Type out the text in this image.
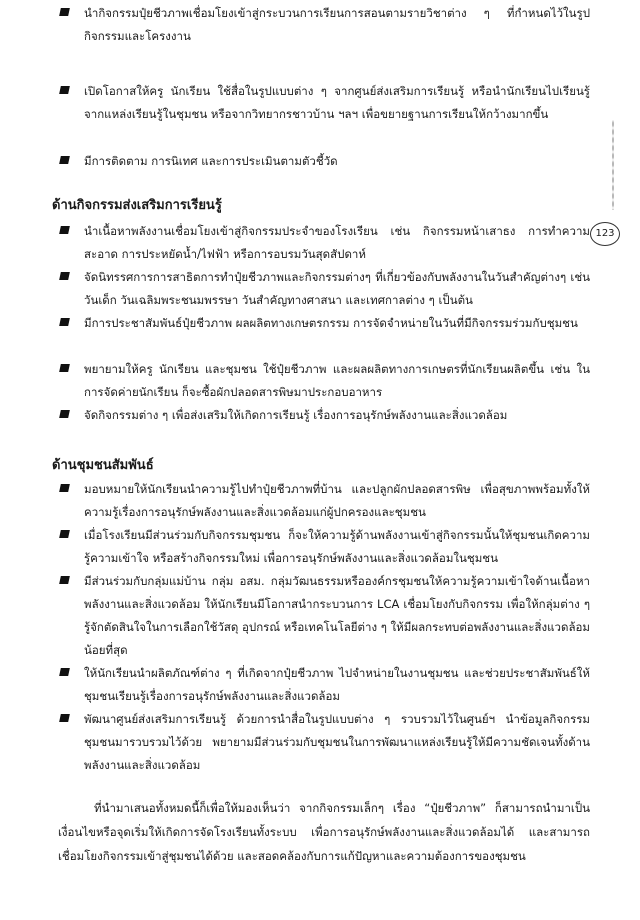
นำกิจกรรมปุ๋ยชีวภาพเชื่อมโยงเข้าสู่กระบวนการเรียนการสอนตามรายวิชาต่าง ๆ ที่กำหนดไว้ในรูปกิจกรรมและโครงงาน
เปิดโอกาสให้ครู นักเรียน ใช้สื่อในรูปแบบต่าง ๆ จากศูนย์ส่งเสริมการเรียนรู้ หรือนำนักเรียนไปเรียนรู้จากแหล่งเรียนรู้ในชุมชน หรือจากวิทยากรชาวบ้าน ฯลฯ เพื่อขยายฐานการเรียนให้กว้างมากขึ้น
มีการติดตาม การนิเทศ และการประเมินตามตัวชี้วัด
ด้านกิจกรรมส่งเสริมการเรียนรู้
123
นำเนื้อหาพลังงานเชื่อมโยงเข้าสู่กิจกรรมประจำของโรงเรียน เช่น กิจกรรมหน้าเสาธง การทำความสะอาด การประหยัดน้ำ/ไฟฟ้า หรือการอบรมวันสุดสัปดาห์
จัดนิทรรศการการสาธิตการทำปุ๋ยชีวภาพและกิจกรรมต่างๆ ที่เกี่ยวข้องกับพลังงานในวันสำคัญต่างๆ เช่น วันเด็ก วันเฉลิมพระชนมพรรษา วันสำคัญทางศาสนา และเทศกาลต่าง ๆ เป็นต้น
มีการประชาสัมพันธ์ปุ๋ยชีวภาพ ผลผลิตทางเกษตรกรรม การจัดจำหน่ายในวันที่มีกิจกรรมร่วมกับชุมชน
พยายามให้ครู นักเรียน และชุมชน ใช้ปุ๋ยชีวภาพ และผลผลิตทางการเกษตรที่นักเรียนผลิตขึ้น เช่น ในการจัดค่ายนักเรียน ก็จะซื้อผักปลอดสารพิษมาประกอบอาหาร
จัดกิจกรรมต่าง ๆ เพื่อส่งเสริมให้เกิดการเรียนรู้ เรื่องการอนุรักษ์พลังงานและสิ่งแวดล้อม
ด้านชุมชนสัมพันธ์
มอบหมายให้นักเรียนนำความรู้ไปทำปุ๋ยชีวภาพที่บ้าน และปลูกผักปลอดสารพิษ เพื่อสุขภาพพร้อมทั้งให้ความรู้เรื่องการอนุรักษ์พลังงานและสิ่งแวดล้อมแก่ผู้ปกครองและชุมชน
เมื่อโรงเรียนมีส่วนร่วมกับกิจกรรมชุมชน ก็จะให้ความรู้ด้านพลังงานเข้าสู่กิจกรรมนั้นให้ชุมชนเกิดความรู้ความเข้าใจ หรือสร้างกิจกรรมใหม่ เพื่อการอนุรักษ์พลังงานและสิ่งแวดล้อมในชุมชน
มีส่วนร่วมกับกลุ่มแม่บ้าน กลุ่ม อสม. กลุ่มวัฒนธรรมหรือองค์กรชุมชนให้ความรู้ความเข้าใจด้านเนื้อหาพลังงานและสิ่งแวดล้อม ให้นักเรียนมีโอกาสนำกระบวนการ LCA เชื่อมโยงกับกิจกรรม เพื่อให้กลุ่มต่าง ๆ รู้จักตัดสินใจในการเลือกใช้วัสดุ อุปกรณ์ หรือเทคโนโลยีต่าง ๆ ให้มีผลกระทบต่อพลังงานและสิ่งแวดล้อมน้อยที่สุด
ให้นักเรียนนำผลิตภัณฑ์ต่าง ๆ ที่เกิดจากปุ๋ยชีวภาพ ไปจำหน่ายในงานชุมชน และช่วยประชาสัมพันธ์ให้ชุมชนเรียนรู้เรื่องการอนุรักษ์พลังงานและสิ่งแวดล้อม
พัฒนาศูนย์ส่งเสริมการเรียนรู้ ด้วยการนำสื่อในรูปแบบต่าง ๆ รวบรวมไว้ในศูนย์ฯ นำข้อมูลกิจกรรมชุมชนมารวบรวมไว้ด้วย พยายามมีส่วนร่วมกับชุมชนในการพัฒนาแหล่งเรียนรู้ให้มีความชัดเจนทั้งด้านพลังงานและสิ่งแวดล้อม
ที่นำมาเสนอทั้งหมดนี้ก็เพื่อให้มองเห็นว่า จากกิจกรรมเล็กๆ เรื่อง “ปุ๋ยชีวภาพ” ก็สามารถนำมาเป็นเงื่อนไขหรือจุดเริ่มให้เกิดการจัดโรงเรียนทั้งระบบ เพื่อการอนุรักษ์พลังงานและสิ่งแวดล้อมได้ และสามารถเชื่อมโยงกิจกรรมเข้าสู่ชุมชนได้ด้วย และสอดคล้องกับการแก้ปัญหาและความต้องการของชุมชน
